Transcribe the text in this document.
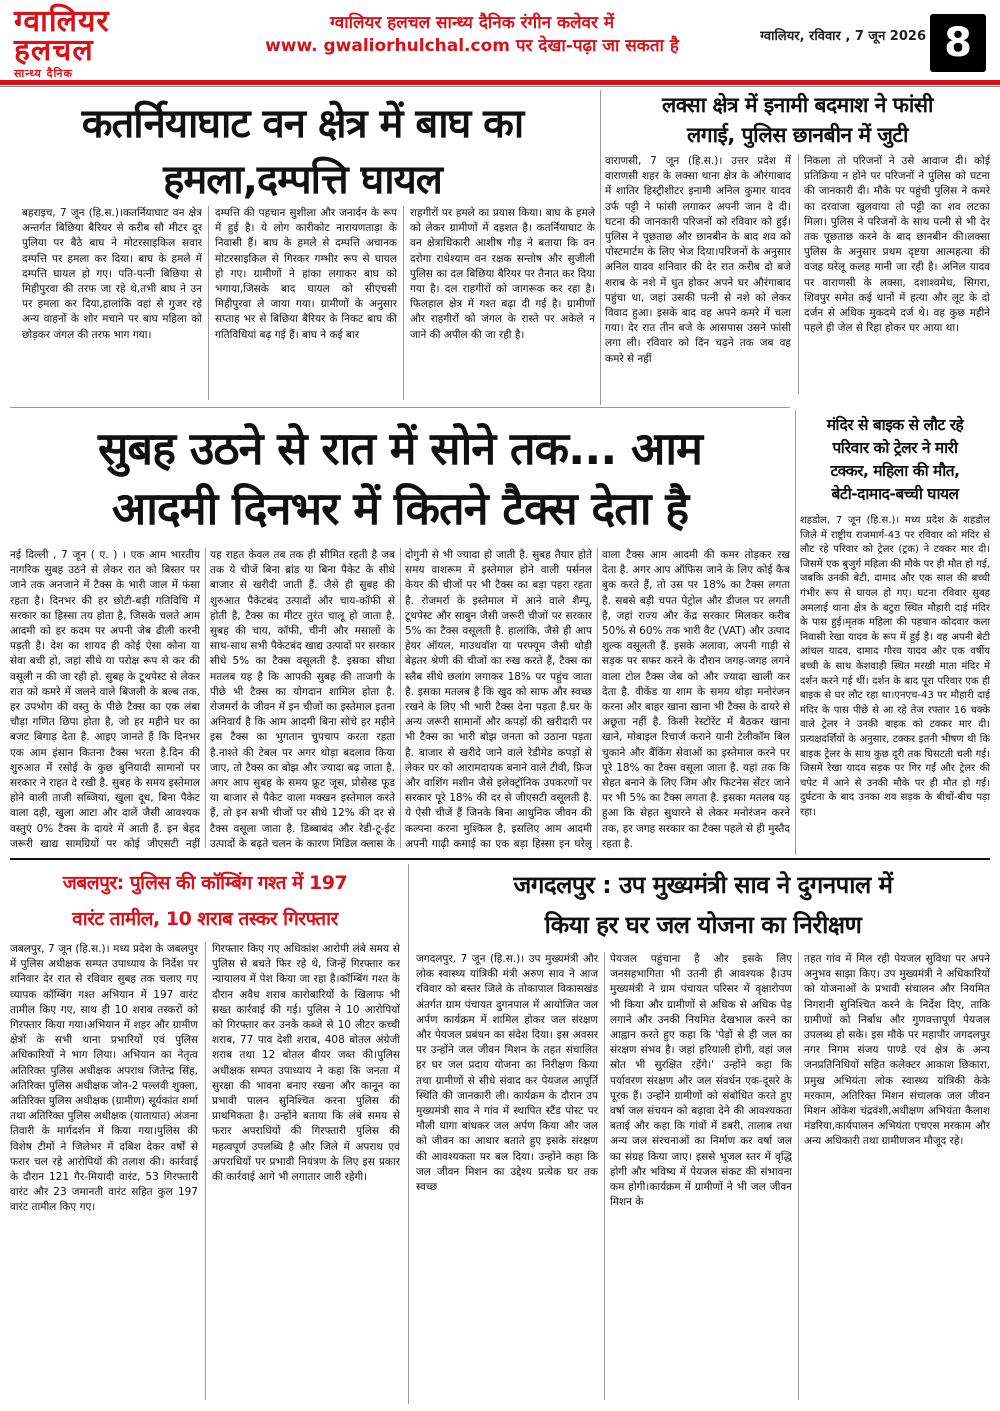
ग्वालियर
हलचल
सान्ध्य दैनिक
ग्वालियर हलचल सान्ध्य दैनिक रंगीन कलेवर में
www. gwaliorhulchal.com पर देखा-पढ़ा जा सकता है	ग्वालियर, रविवार , 7 जून 2026 8
कतर्नियाघाट वन क्षेत्र में बाघ का
हमला,दम्पत्ति घायल
बहराइच, 7 जून (हि.स.)।कतर्नियाघाट वन क्षेत्र अन्तर्गत बिछिया बैरियर से करीब सौ मीटर दूर पुलिया पर बैठे बाघ ने मोटरसाइकिल सवार दम्पत्ति पर हमला कर दिया। बाघ के हमले में दम्पत्ति घायल हो गए। पति-पत्नी बिछिया से मिहीपुरवा की तरफ जा रहे थे,तभी बाघ ने उन पर हमला कर दिया,हालांकि वहां से गुजर रहे अन्य वाहनों के शोर मचाने पर बाघ महिला को छोड़कर जंगल की तरफ भाग गया।
दम्पत्ति की पहचान सुशीला और जनार्दन के रूप में हुई है। ये लोग कारीकोट नारायणताड़ा के निवासी हैं। बाघ के हमले से दम्पत्ति अचानक मोटरसाइकिल से गिरकर गम्भीर रूप से घायल हो गए। ग्रामीणों ने हांका लगाकर बाघ को भगाया,जिसके बाद घायल को सीएचसी मिहीपुरवा ले जाया गया। ग्रामीणों के अनुसार सप्ताह भर से बिछिया बैरियर के निकट बाघ की गतिविधियां बढ़ गई हैं। बाघ ने कई बार
राहगीरों पर हमले का प्रयास किया। बाघ के हमले को लेकर ग्रामीणों में दहशत है। कतर्नियाघाट के वन क्षेत्राधिकारी आशीष गौड़ ने बताया कि वन दरोगा राधेश्याम वन रक्षक सन्तोष और सुजीली पुलिस का दल बिछिया बैरियर पर तैनात कर दिया गया है। दल राहगीरों को जागरूक कर रहा है। फिलहाल क्षेत्र में गश्त बढ़ा दी गई है। ग्रामीणों और राहगीरों को जंगल के रास्ते पर अकेले न जाने की अपील की जा रही है।
लक्सा क्षेत्र में इनामी बदमाश ने फांसी
लगाई, पुलिस छानबीन में जुटी
वाराणसी, 7 जून (हि.स.)। उत्तर प्रदेश में वाराणसी शहर के लक्सा थाना क्षेत्र के औरंगाबाद में शातिर हिस्ट्रीशीटर इनामी अनिल कुमार यादव उर्फ पट्टी ने फांसी लगाकर अपनी जान दे दी। घटना की जानकारी परिजनों को रविवार को हुई। पुलिस ने पूछताछ और छानबीन के बाद शव को पोस्टमार्टम के लिए भेज दिया।परिजनों के अनुसार अनिल यादव शनिवार की देर रात करीब दो बजे शराब के नशे में धुत होकर अपने घर औरंगाबाद पहुंचा था, जहां उसकी पत्नी से नशे को लेकर विवाद हुआ। इसके बाद वह अपने कमरे में चला गया। देर रात तीन बजे के आसपास उसने फांसी लगा ली। रविवार को दिन चढ़ने तक जब वह कमरे से नहीं
निकला तो परिजनों ने उसे आवाज दी। कोई प्रतिक्रिया न होने पर परिजनों ने पुलिस को घटना की जानकारी दी। मौके पर पहुंची पुलिस ने कमरे का दरवाजा खुलवाया तो पट्टी का शव लटका मिला। पुलिस ने परिजनों के साथ पत्नी से भी देर तक पूछताछ करने के बाद छानबीन की।लक्सा पुलिस के अनुसार प्रथम दृष्टया आत्महत्या की वजह घरेलू कलह मानी जा रही है। अनिल यादव पर वाराणसी के लक्सा, दशाश्वमेध, सिगरा, शिवपुर समेत कई थानों में हत्या और लूट के दो दर्जन से अधिक मुकदमे दर्ज थे। वह कुछ महीने पहले ही जेल से रिहा होकर घर आया था।
सुबह उठने से रात में सोने तक... आम
आदमी दिनभर में कितने टैक्स देता है
नई दिल्ली , 7 जून ( ए. ) । एक आम भारतीय नागरिक सुबह उठने से लेकर रात को बिस्तर पर जाने तक अनजाने में टैक्स के भारी जाल में फंसा रहता है। दिनभर की हर छोटी-बड़ी गतिविधि में सरकार का हिस्सा तय होता है, जिसके चलते आम आदमी को हर कदम पर अपनी जेब ढीली करनी पड़ती है। देश का शायद ही कोई ऐसा कोना या सेवा बची हो, जहां सीधे या परोक्ष रूप से कर की वसूली न की जा रही हो. सुबह के टूथपेस्ट से लेकर रात को कमरे में जलने वाले बिजली के बल्ब तक, हर उपभोग की वस्तु के पीछे टैक्स का एक लंबा चौड़ा गणित छिपा होता है, जो हर महीने घर का बजट बिगाड़ देता है. आइए जानते हैं कि दिनभर एक आम इंसान कितना टैक्स भरता है.दिन की शुरुआत में रसोई के कुछ बुनियादी सामानों पर सरकार ने राहत दे रखी है. सुबह के समय इस्तेमाल होने वाली ताजी सब्जियां, खुला दूध, बिना पैकेट वाला दही, खुला आटा और दालें जैसी आवश्यक वस्तुएं 0% टैक्स के दायरे में आती हैं. इन बेहद जरूरी खाद्य सामग्रियों पर कोई जीएसटी नहीं
यह राहत केवल तब तक ही सीमित रहती है जब तक ये चीजें बिना ब्रांड या बिना पैकेट के सीधे बाजार से खरीदी जाती हैं. जैसे ही सुबह की शुरुआत पैकेटबंद उत्पादों और चाय-कॉफी से होती है, टैक्स का मीटर तुरंत चालू हो जाता है. सुबह की चाय, कॉफी, चीनी और मसालों के साथ-साथ सभी पैकेटबंद खाद्य उत्पादों पर सरकार सीधे 5% का टैक्स वसूलती है. इसका सीधा मतलब यह है कि आपकी सुबह की ताजगी के पीछे भी टैक्स का योगदान शामिल होता है. रोजमर्रा के जीवन में इन चीजों का इस्तेमाल इतना अनिवार्य है कि आम आदमी बिना सोचे हर महीने इस टैक्स का भुगतान चुपचाप करता रहता है.नाश्ते की टेबल पर अगर थोड़ा बदलाव किया जाए, तो टैक्स का बोझ और ज्यादा बढ़ जाता है. अगर आप सुबह के समय फ्रूट जूस, प्रोसेस्ड फूड या बाजार से पैकेट वाला मक्खन इस्तेमाल करते हैं, तो इन सभी चीजों पर सीधे 12% की दर से टैक्स वसूला जाता है. डिब्बाबंद और रेडी-टू-ईट उत्पादों के बढ़ते चलन के कारण मिडिल क्लास के
दोगुनी से भी ज्यादा हो जाती है. सुबह तैयार होते समय वाशरूम में इस्तेमाल होने वाली पर्सनल केयर की चीजों पर भी टैक्स का बड़ा पहरा रहता है. रोजमर्रा के इस्तेमाल में आने वाले शैम्पू, टूथपेस्ट और साबुन जैसी जरूरी चीजों पर सरकार 5% का टैक्स वसूलती है. हालांकि, जैसे ही आप हेयर ऑयल, माउथवॉश या परफ्यूम जैसी थोड़ी बेहतर श्रेणी की चीजों का रुख करते हैं, टैक्स का स्लैब सीधे छलांग लगाकर 18% पर पहुंच जाता है. इसका मतलब है कि खुद को साफ और स्वच्छ रखने के लिए भी भारी टैक्स देना पड़ता है.घर के अन्य जरूरी सामानों और कपड़ों की खरीदारी पर भी टैक्स का भारी बोझ जनता को उठाना पड़ता है. बाजार से खरीदे जाने वाले रेडीमेड कपड़ों से लेकर घर को आरामदायक बनाने वाले टीवी, फ्रिज और वाशिंग मशीन जैसे इलेक्ट्रॉनिक उपकरणों पर सरकार पूरे 18% की दर से जीएसटी वसूलती है. ये ऐसी चीजें हैं जिनके बिना आधुनिक जीवन की कल्पना करना मुश्किल है, इसलिए आम आदमी अपनी गाढ़ी कमाई का एक बड़ा हिस्सा इन घरेलू
वाला टैक्स आम आदमी की कमर तोड़कर रख देता है. अगर आप ऑफिस जाने के लिए कोई कैब बुक करते हैं, तो उस पर 18% का टैक्स लगता है. सबसे बड़ी चपत पेट्रोल और डीजल पर लगती है, जहां राज्य और केंद्र सरकार मिलकर करीब 50% से 60% तक भारी वैट (VAT) और उत्पाद शुल्क वसूलती हैं. इसके अलावा, अपनी गाड़ी से सड़क पर सफर करने के दौरान जगह-जगह लगने वाला टोल टैक्स जेब को और ज्यादा खाली कर देता है. वीकेंड या शाम के समय थोड़ा मनोरंजन करना और बाहर खाना खाना भी टैक्स के दायरे से अछूता नहीं है. किसी रेस्टोरेंट में बैठकर खाना खाने, मोबाइल रिचार्ज कराने यानी टेलीकॉम बिल चुकाने और बैंकिंग सेवाओं का इस्तेमाल करने पर पूरे 18% का टैक्स वसूला जाता है. यहां तक कि सेहत बनाने के लिए जिम और फिटनेस सेंटर जाने पर भी 5% का टैक्स लगता है. इसका मतलब यह हुआ कि सेहत सुधारने से लेकर मनोरंजन करने तक, हर जगह सरकार का टैक्स पहले से ही मुस्तैद रहता है.
मंदिर से बाइक से लौट रहे
परिवार को ट्रेलर ने मारी
टक्कर, महिला की मौत,
बेटी-दामाद-बच्ची घायल
शहडोल, 7 जून (हि.स.)। मध्य प्रदेश के शहडोल जिले में राष्ट्रीय राजमार्ग-43 पर रविवार को मंदिर से लौट रहे परिवार को ट्रेलर (ट्रक) ने टक्कर मार दी। जिसमें एक बुजुर्ग महिला की मौके पर ही मौत हो गई, जबकि उनकी बेटी, दामाद और एक साल की बच्ची गंभीर रूप से घायल हो गए। घटना रविवार सुबह अमलाई थाना क्षेत्र के बटुरा स्थित मौहारी दाई मंदिर के पास हुई।मृतक महिला की पहचान कोदवार कला निवासी रेखा यादव के रूप में हुई है। वह अपनी बेटी आंचल यादव, दामाद गौरव यादव और एक वर्षीय बच्ची के साथ केशवाही स्थित मरखी माता मंदिर में दर्शन करने गई थीं। दर्शन के बाद पूरा परिवार एक ही बाइक से घर लौट रहा था।एनएच-43 पर मौहारी दाई मंदिर के पास पीछे से आ रहे तेज रफ्तार 16 चक्के वाले ट्रेलर ने उनकी बाइक को टक्कर मार दी।प्रत्यक्षदर्शियों के अनुसार, टक्कर इतनी भीषण थी कि बाइक ट्रेलर के साथ कुछ दूरी तक घिसटती चली गई। जिसमें रेखा यादव सड़क पर गिर गईं और ट्रेलर की चपेट में आने से उनकी मौके पर ही मौत हो गई। दुर्घटना के बाद उनका शव सड़क के बीचों-बीच पड़ा रहा।
जबलपुर: पुलिस की कॉम्बिंग गश्त में 197
वारंट तामील, 10 शराब तस्कर गिरफ्तार
जबलपुर, 7 जून (हि.स.)। मध्य प्रदेश के जबलपुर में पुलिस अधीक्षक सम्पत उपाध्याय के निर्देश पर शनिवार देर रात से रविवार सुबह तक चलाए गए व्यापक कॉम्बिंग गश्त अभियान में 197 वारंट तामील किए गए, साथ ही 10 शराब तस्करों को गिरफ्तार किया गया।अभियान में शहर और ग्रामीण क्षेत्रों के सभी थाना प्रभारियों एवं पुलिस अधिकारियों ने भाग लिया। अभियान का नेतृत्व अतिरिक्त पुलिस अधीक्षक अपराध जितेन्द्र सिंह, अतिरिक्त पुलिस अधीक्षक जोन-2 पल्लवी शुक्ला, अतिरिक्त पुलिस अधीक्षक (ग्रामीण) सूर्यकांत शर्मा तथा अतिरिक्त पुलिस अधीक्षक (यातायात) अंजना तिवारी के मार्गदर्शन में किया गया।पुलिस की विशेष टीमों ने जिलेभर में दबिश देकर वर्षों से फरार चल रहे आरोपियों की तलाश की। कार्रवाई के दौरान 121 गैर-मियादी वारंट, 53 गिरफ्तारी वारंट और 23 जमानती वारंट सहित कुल 197 वारंट तामील किए गए।
गिरफ्तार किए गए अधिकांश आरोपी लंबे समय से पुलिस से बचते फिर रहे थे, जिन्हें गिरफ्तार कर न्यायालय में पेश किया जा रहा है।कॉम्बिंग गश्त के दौरान अवैध शराब कारोबारियों के खिलाफ भी सख्त कार्रवाई की गई। पुलिस ने 10 आरोपियों को गिरफ्तार कर उनके कब्जे से 10 लीटर कच्ची शराब, 77 पाव देशी शराब, 408 बोतल अंग्रेजी शराब तथा 12 बोतल बीयर जब्त की।पुलिस अधीक्षक सम्पत उपाध्याय ने कहा कि जनता में सुरक्षा की भावना बनाए रखना और कानून का प्रभावी पालन सुनिश्चित करना पुलिस की प्राथमिकता है। उन्होंने बताया कि लंबे समय से फरार अपराधियों की गिरफ्तारी पुलिस की महत्वपूर्ण उपलब्धि है और जिले में अपराध एवं अपराधियों पर प्रभावी नियंत्रण के लिए इस प्रकार की कार्रवाई आगे भी लगातार जारी रहेगी।
जगदलपुर : उप मुख्यमंत्री साव ने दुगनपाल में
किया हर घर जल योजना का निरीक्षण
जगदलपुर, 7 जून (हि.स.)। उप मुख्यमंत्री और लोक स्वास्थ्य यांत्रिकी मंत्री अरुण साव ने आज रविवार को बस्तर जिले के तोकापाल विकासखंड अंतर्गत ग्राम पंचायत दुगनपाल में आयोजित जल अर्पण कार्यक्रम में शामिल होकर जल संरक्षण और पेयजल प्रबंधन का संदेश दिया। इस अवसर पर उन्होंने जल जीवन मिशन के तहत संचालित हर घर जल प्रदाय योजना का निरीक्षण किया तथा ग्रामीणों से सीधे संवाद कर पेयजल आपूर्ति स्थिति की जानकारी ली। कार्यक्रम के दौरान उप मुख्यमंत्री साव ने गांव में स्थापित स्टैंड पोस्ट पर मौली धागा बांधकर जल अर्पण किया और जल को जीवन का आधार बताते हुए इसके संरक्षण की आवश्यकता पर बल दिया। उन्होंने कहा कि जल जीवन मिशन का उद्देश्य प्रत्येक घर तक स्वच्छ
पेयजल पहुंचाना है और इसके लिए जनसहभागिता भी उतनी ही आवश्यक है।उप मुख्यमंत्री ने ग्राम पंचायत परिसर में वृक्षारोपण भी किया और ग्रामीणों से अधिक से अधिक पेड़ लगाने और उनकी नियमित देखभाल करने का आह्वान करते हुए कहा कि 'पेड़ों से ही जल का संरक्षण संभव है। जहां हरियाली होगी, वहां जल स्रोत भी सुरक्षित रहेंगे।' उन्होंने कहा कि पर्यावरण संरक्षण और जल संवर्धन एक-दूसरे के पूरक हैं। उन्होंने ग्रामीणों को संबोधित करते हुए वर्षा जल संचयन को बढ़ावा देने की आवश्यकता बताई और कहा कि गांवों में डबरी, तालाब तथा अन्य जल संरचनाओं का निर्माण कर वर्षा जल का संग्रह किया जाए। इससे भूजल स्तर में वृद्धि होगी और भविष्य में पेयजल संकट की संभावना कम होगी।कार्यक्रम में ग्रामीणों ने भी जल जीवन मिशन के
तहत गांव में मिल रही पेयजल सुविधा पर अपने अनुभव साझा किए। उप मुख्यमंत्री ने अधिकारियों को योजनाओं के प्रभावी संचालन और नियमित निगरानी सुनिश्चित करने के निर्देश दिए, ताकि ग्रामीणों को निर्बाध और गुणवत्तापूर्ण पेयजल उपलब्ध हो सके। इस मौके पर महापौर जगदलपुर नगर निगम संजय पाण्डे एवं क्षेत्र के अन्य जनप्रतिनिधियों सहित कलेक्टर आकाश छिकारा, प्रमुख अभियंता लोक स्वास्थ्य यांत्रिकी केके मरकाम, अतिरिक्त मिशन संचालक जल जीवन मिशन ओंकेश चंद्रवंशी,अधीक्षण अभियंता कैलाश मंडरिया,कार्यपालन अभियंता एचएस मरकाम और अन्य अधिकारी तथा ग्रामीणजन मौजूद रहे।
